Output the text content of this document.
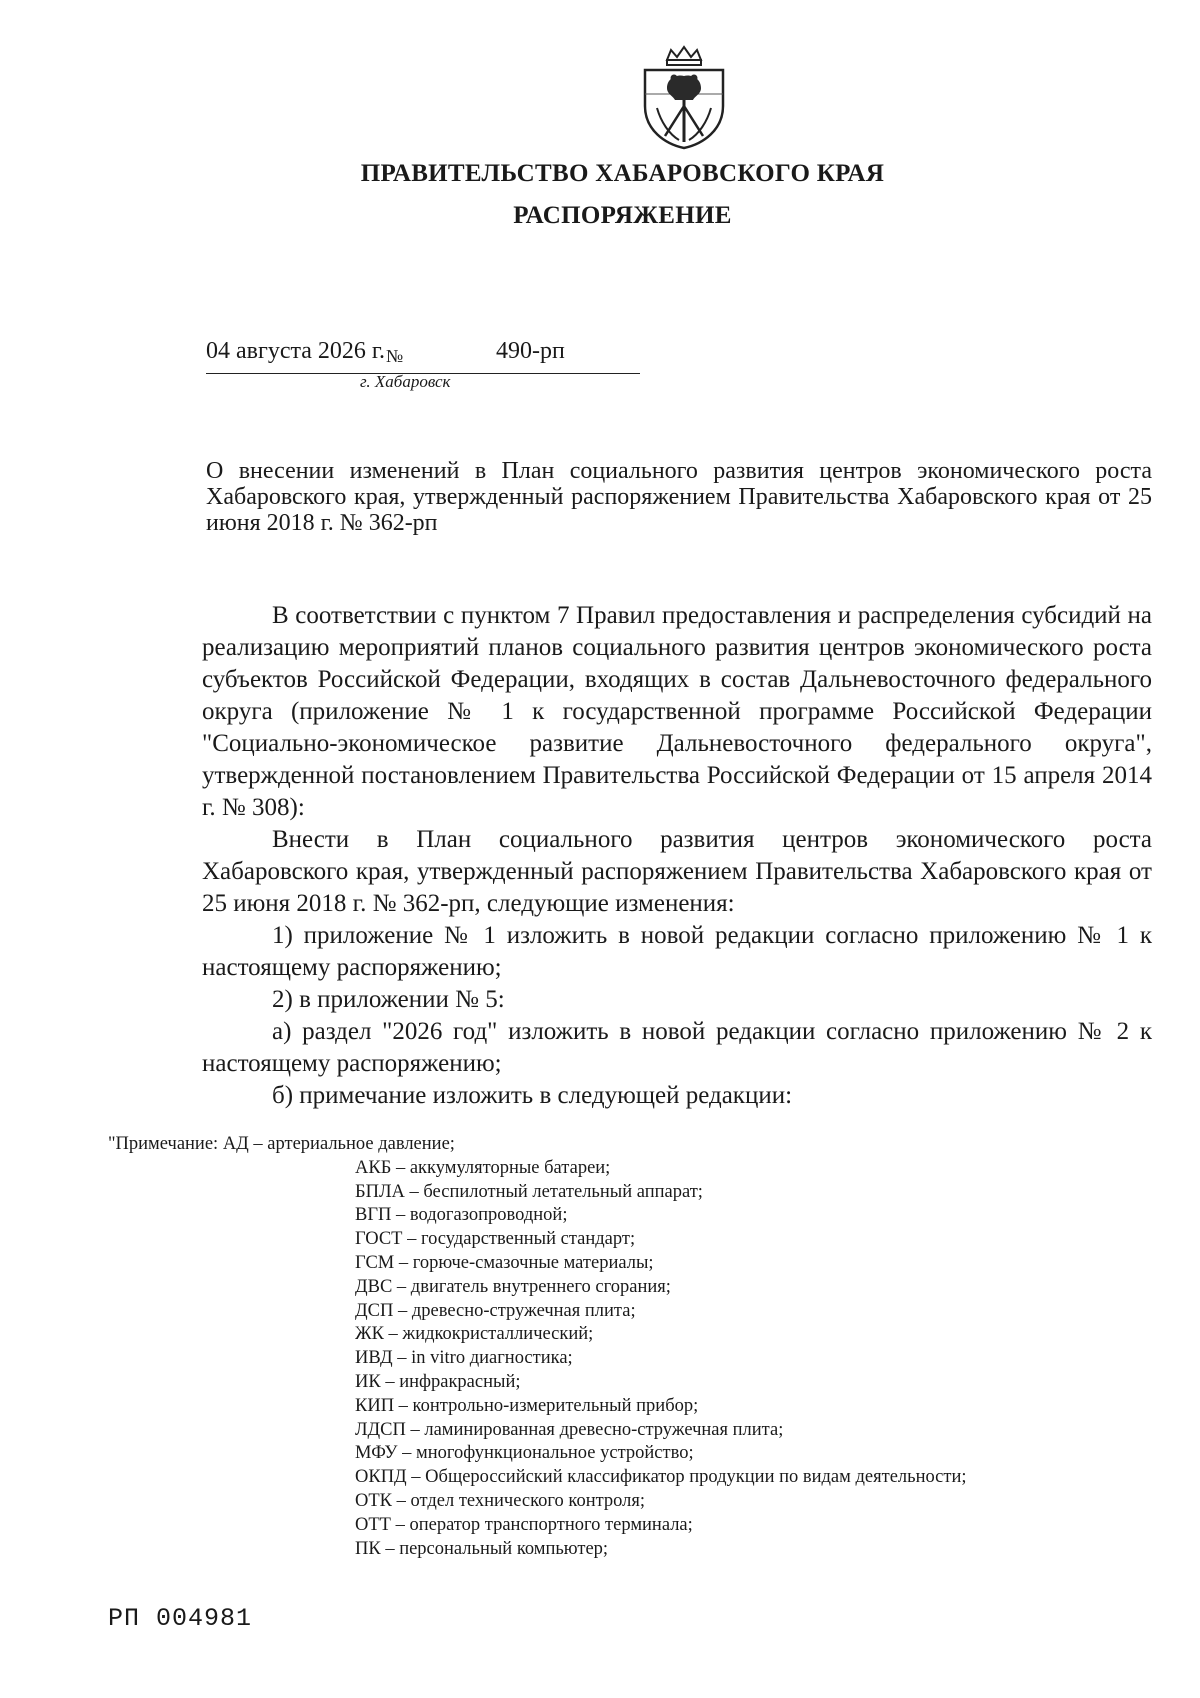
ПРАВИТЕЛЬСТВО ХАБАРОВСКОГО КРАЯ
РАСПОРЯЖЕНИЕ
04 августа 2026 г. №	490-рп
г. Хабаровск
О внесении изменений в План социального развития центров экономического роста Хабаровского края, утвержденный распоряжением Правительства Хабаровского края от 25 июня 2018 г. № 362-рп

В соответствии с пунктом 7 Правил предоставления и распределения субсидий на реализацию мероприятий планов социального развития центров экономического роста субъектов Российской Федерации, входящих в состав Дальневосточного федерального округа (приложение № 1 к государственной программе Российской Федерации "Социально-экономическое развитие Дальневосточного федерального округа", утвержденной постановлением Правительства Российской Федерации от 15 апреля 2014 г. № 308):

Внести в План социального развития центров экономического роста Хабаровского края, утвержденный распоряжением Правительства Хабаровского края от 25 июня 2018 г. № 362-рп, следующие изменения:

1) приложение № 1 изложить в новой редакции согласно приложению № 1 к настоящему распоряжению;

2) в приложении № 5:

а) раздел "2026 год" изложить в новой редакции согласно приложению № 2 к настоящему распоряжению;

б) примечание изложить в следующей редакции:

"Примечание: АД – артериальное давление;
АКБ – аккумуляторные батареи;
БПЛА – беспилотный летательный аппарат;
ВГП – водогазопроводной;
ГОСТ – государственный стандарт;
ГСМ – горюче-смазочные материалы;
ДВС – двигатель внутреннего сгорания;
ДСП – древесно-стружечная плита;
ЖК – жидкокристаллический;
ИВД – in vitro диагностика;
ИК – инфракрасный;
КИП – контрольно-измерительный прибор;
ЛДСП – ламинированная древесно-стружечная плита;
МФУ – многофункциональное устройство;
ОКПД – Общероссийский классификатор продукции по видам деятельности;
ОТК – отдел технического контроля;
ОТТ – оператор транспортного терминала;
ПК – персональный компьютер;
РП 004981
